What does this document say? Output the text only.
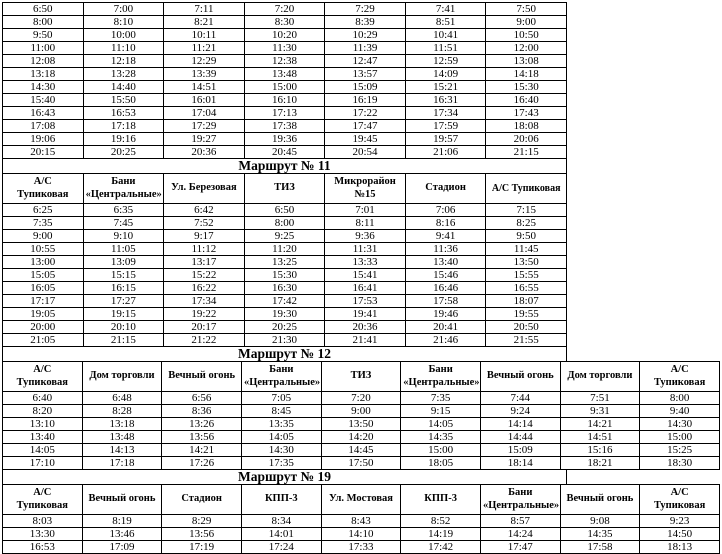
6:50	7:00	7:11	7:20	7:29	7:41	7:50
8:00	8:10	8:21	8:30	8:39	8:51	9:00
9:50	10:00	10:11	10:20	10:29	10:41	10:50
11:00	11:10	11:21	11:30	11:39	11:51	12:00
12:08	12:18	12:29	12:38	12:47	12:59	13:08
13:18	13:28	13:39	13:48	13:57	14:09	14:18
14:30	14:40	14:51	15:00	15:09	15:21	15:30
15:40	15:50	16:01	16:10	16:19	16:31	16:40
16:43	16:53	17:04	17:13	17:22	17:34	17:43
17:08	17:18	17:29	17:38	17:47	17:59	18:08
19:06	19:16	19:27	19:36	19:45	19:57	20:06
20:15	20:25	20:36	20:45	20:54	21:06	21:15
Маршрут № 11
А/С Тупиковая	Бани «Центральные»	Ул. Березовая	ТИЗ	Микрорайон №15	Стадион	А/С Тупиковая
6:25	6:35	6:42	6:50	7:01	7:06	7:15
7:35	7:45	7:52	8:00	8:11	8:16	8:25
9:00	9:10	9:17	9:25	9:36	9:41	9:50
10:55	11:05	11:12	11:20	11:31	11:36	11:45
13:00	13:09	13:17	13:25	13:33	13:40	13:50
15:05	15:15	15:22	15:30	15:41	15:46	15:55
16:05	16:15	16:22	16:30	16:41	16:46	16:55
17:17	17:27	17:34	17:42	17:53	17:58	18:07
19:05	19:15	19:22	19:30	19:41	19:46	19:55
20:00	20:10	20:17	20:25	20:36	20:41	20:50
21:05	21:15	21:22	21:30	21:41	21:46	21:55
Маршрут № 12
А/С Тупиковая	Дом торговли	Вечный огонь	Бани «Центральные»	ТИЗ	Бани «Центральные»	Вечный огонь	Дом торговли	А/С Тупиковая
6:40	6:48	6:56	7:05	7:20	7:35	7:44	7:51	8:00
8:20	8:28	8:36	8:45	9:00	9:15	9:24	9:31	9:40
13:10	13:18	13:26	13:35	13:50	14:05	14:14	14:21	14:30
13:40	13:48	13:56	14:05	14:20	14:35	14:44	14:51	15:00
14:05	14:13	14:21	14:30	14:45	15:00	15:09	15:16	15:25
17:10	17:18	17:26	17:35	17:50	18:05	18:14	18:21	18:30
Маршрут № 19
А/С Тупиковая	Вечный огонь	Стадион	КПП-3	Ул. Мостовая	КПП-3	Бани «Центральные»	Вечный огонь	А/С Тупиковая
8:03	8:19	8:29	8:34	8:43	8:52	8:57	9:08	9:23
13:30	13:46	13:56	14:01	14:10	14:19	14:24	14:35	14:50
16:53	17:09	17:19	17:24	17:33	17:42	17:47	17:58	18:13
